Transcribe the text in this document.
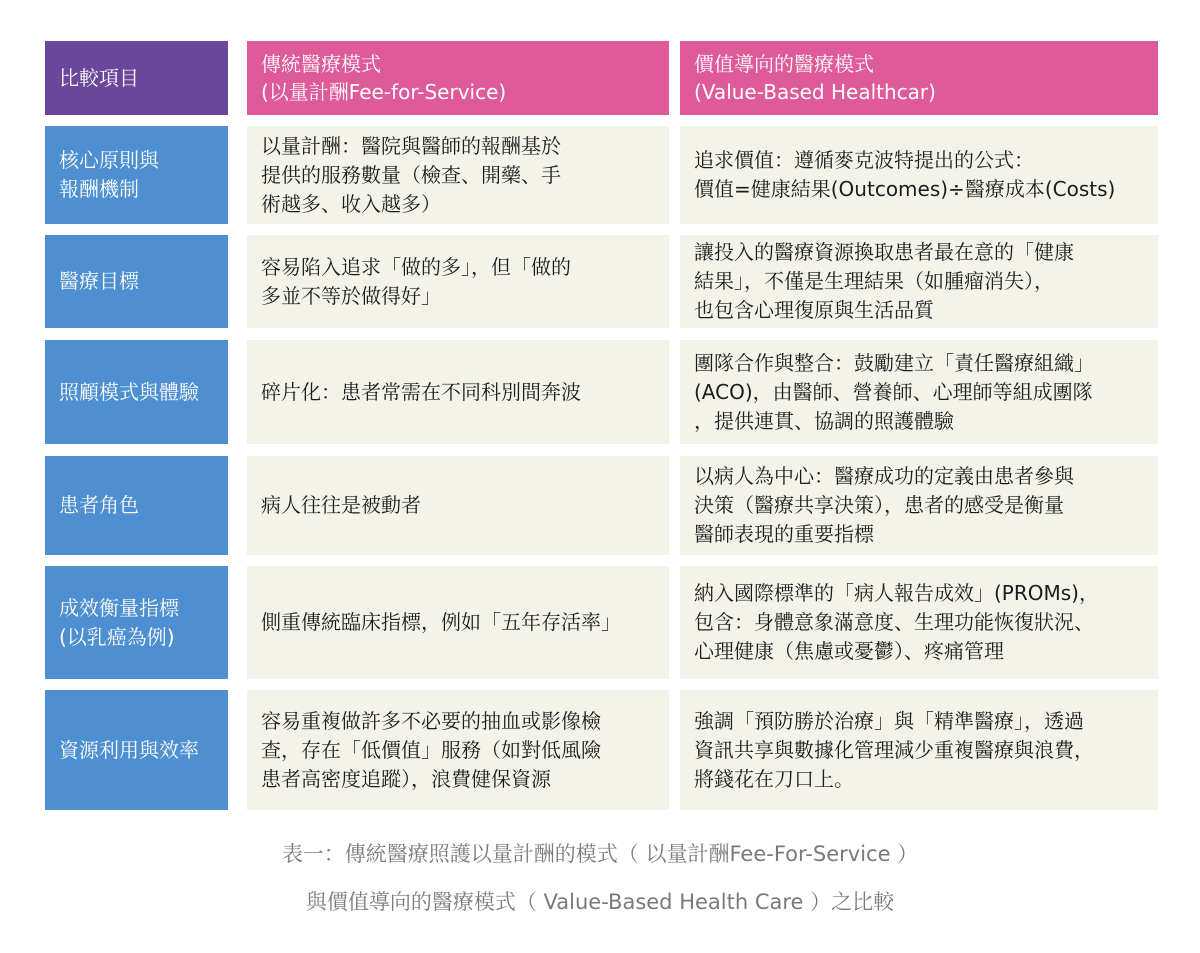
比較項目
傳統醫療模式
(以量計酬Fee-for-Service)
價值導向的醫療模式
(Value-Based Healthcar)
核心原則與
報酬機制
以量計酬：醫院與醫師的報酬基於
提供的服務數量（檢查、開藥、手
術越多、收入越多）
追求價值：遵循麥克波特提出的公式：
價值=健康結果(Outcomes)÷醫療成本(Costs)
醫療目標
容易陷入追求「做的多」，但「做的
多並不等於做得好」
讓投入的醫療資源換取患者最在意的「健康
結果」，不僅是生理結果（如腫瘤消失），
也包含心理復原與生活品質
照顧模式與體驗	碎片化：患者常需在不同科別間奔波
團隊合作與整合：鼓勵建立「責任醫療組織」
(ACO)，由醫師、營養師、心理師等組成團隊
，提供連貫、協調的照護體驗
患者角色	病人往往是被動者
以病人為中心：醫療成功的定義由患者參與
決策（醫療共享決策），患者的感受是衡量
醫師表現的重要指標
成效衡量指標
(以乳癌為例)
側重傳統臨床指標，例如「五年存活率」
納入國際標準的「病人報告成效」(PROMs)，
包含：身體意象滿意度、生理功能恢復狀況、
心理健康（焦慮或憂鬱）、疼痛管理
資源利用與效率
容易重複做許多不必要的抽血或影像檢
查，存在「低價值」服務（如對低風險
患者高密度追蹤），浪費健保資源
強調「預防勝於治療」與「精準醫療」，透過
資訊共享與數據化管理減少重複醫療與浪費，
將錢花在刀口上。
表一：傳統醫療照護以量計酬的模式（ 以量計酬Fee-For-Service ）
與價值導向的醫療模式（ Value-Based Health Care ）之比較
